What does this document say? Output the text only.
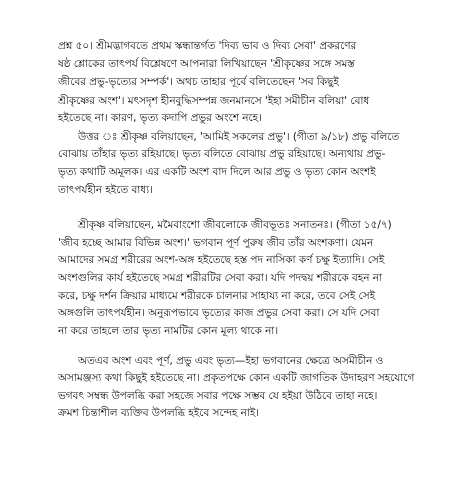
প্রশ্ন ৫০। শ্রীমদ্ভাগবতে প্রথম স্কন্ধান্তর্গত 'দিব্য ভাব ও দিব্য সেবা' প্রকরণের
ষষ্ঠ শ্লোকের তাৎপর্য বিশ্লেষণে আপনারা লিখিয়াছেন 'শ্রীকৃষ্ণের সঙ্গে সমস্ত
জীবের প্রভু-ভৃত্যের সম্পর্ক'। অথচ তাহার পূর্বে বলিতেছেন 'সব কিছুই
শ্রীকৃষ্ণের অংশ'। মৎসদৃশ হীনবুদ্ধিসম্পন্ন জনমানসে 'ইহা সমীচীন বলিয়া' বোধ
হইতেছে না। কারণ, ভৃত্য কদাপি প্রভুর অংশে নহে।
উত্তর ঃ শ্রীকৃষ্ণ বলিয়াছেন, 'আমিই সকলের প্রভু'। (গীতা ৯/১৮) প্রভু বলিতে
বোঝায় তাঁহার ভৃত্য রহিয়াছে। ভৃত্য বলিতে বোঝায় প্রভু রহিয়াছে। অন্যথায় প্রভু-
ভৃত্য কথাটি অমূলক। এর একটি অংশ বাদ দিলে আর প্রভু ও ভৃত্য কোন অংশই
তাৎপর্যহীন হইতে বাধ্য।
শ্রীকৃষ্ণ বলিয়াছেন, মমৈবাংশো জীবলোকে জীবভূতঃ সনাতনঃ। (গীতা ১৫/৭)
'জীব হচ্ছে আমার বিভিন্ন অংশ।' ভগবান পূর্ণ পুরুষ জীব তাঁর অংশকণা। যেমন
আমাদের সমগ্র শরীরের অংশ-অঙ্গ হইতেছে হস্ত পদ নাসিকা কর্ণ চক্ষু ইত্যাদি। সেই
অংশগুলির কার্য হইতেছে সমগ্র শরীরটির সেবা করা। যদি পদদ্বয় শরীরকে বহন না
করে, চক্ষু দর্শন ক্রিয়ার মাধ্যমে শরীরকে চালনার সাহায্য না করে, তবে সেই সেই
অঙ্গগুলি তাৎপর্যহীন। অনুরূপভাবে ভৃত্যের কাজ প্রভুর সেবা করা। সে যদি সেবা
না করে তাহলে তার ভৃত্য নামটির কোন মূল্য থাকে না।
অতএব অংশ এবং পূর্ণ, প্রভু এবং ভৃত্য—ইহা ভগবানের ক্ষেত্রে অসমীচীন ও
অসামঞ্জস্য কথা কিছুই হইতেছে না। প্রকৃতপক্ষে কোন একটি জাগতিক উদাহরণ সহযোগে
ভগবৎ সম্বন্ধ উপলব্ধি করা সহজে সবার পক্ষে সম্ভব যে হইয়া উঠিবে তাহা নহে।
ক্রমশ চিন্তাশীল ব্যক্তিব উপলব্ধি হইবে সন্দেহ নাই।
